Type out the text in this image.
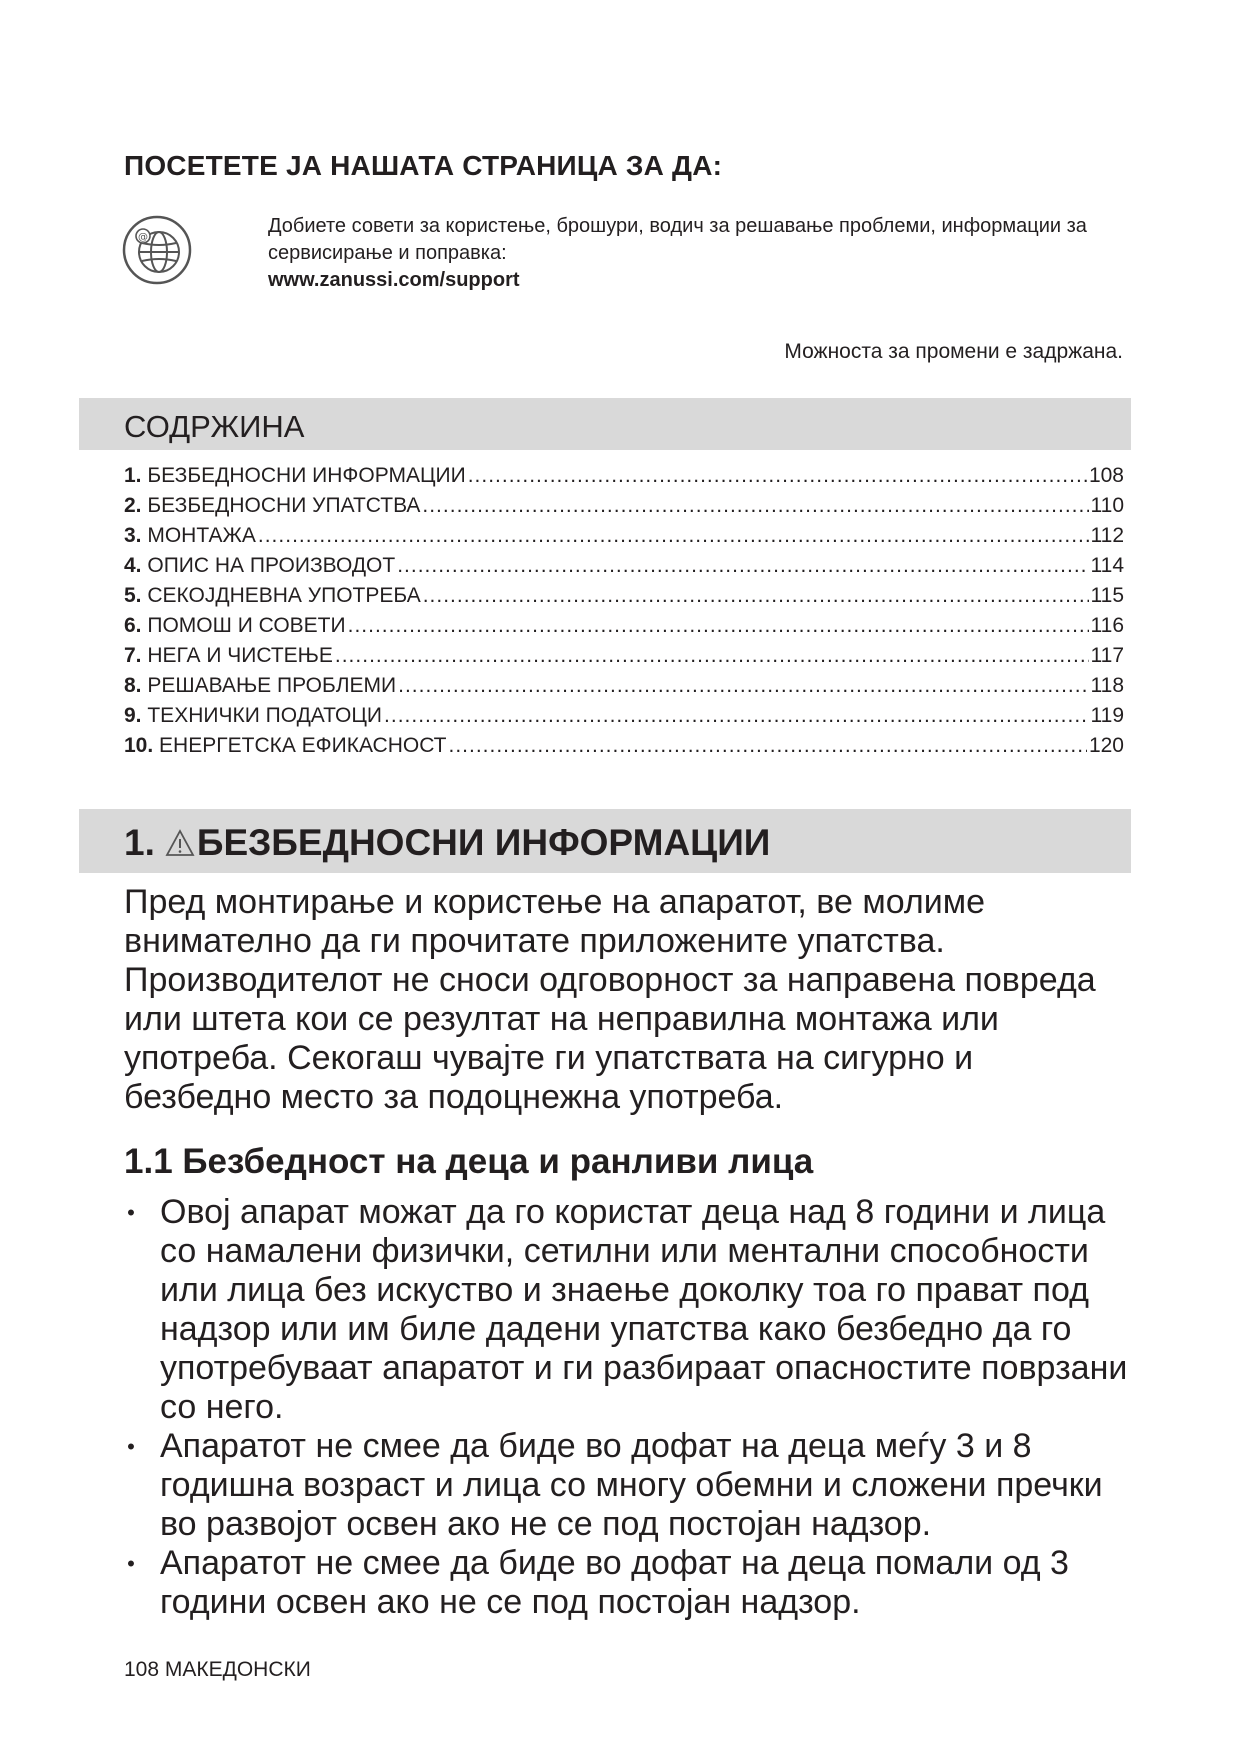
ПОСЕТЕТЕ ЈА НАШАТА СТРАНИЦА ЗА ДА:
@
Добиете совети за користење, брошури, водич за решавање проблеми, информации за сервисирање и поправка:
www.zanussi.com/support
Можноста за промени е задржана.
СОДРЖИНА
1.
БЕЗБЕДНОСНИ ИНФОРМАЦИИ .....	108
2.
БЕЗБЕДНОСНИ УПАТСТВА .....	110
3.
МОНТАЖА .....	112
4.
ОПИС НА ПРОИЗВОДОТ .....	114
5.
СЕКОЈДНЕВНА УПОТРЕБА .....	115
6.
ПОМОШ И СОВЕТИ .....	116
7.
НЕГА И ЧИСТЕЊЕ .....	117
8.
РЕШАВАЊЕ ПРОБЛЕМИ .....	118
9.
ТЕХНИЧКИ ПОДАТОЦИ .....	119
10.
ЕНЕРГЕТСКА ЕФИКАСНОСТ .....	120
1. БЕЗБЕДНОСНИ ИНФОРМАЦИИ

Пред монтирање и користење на апаратот, ве молиме внимателно да ги прочитате приложените упатства. Производителот не сноси одговорност за направена повреда или штета кои се резултат на неправилна монтажа или употреба. Секогаш чувајте ги упатствата на сигурно и безбедно место за подоцнежна употреба.

1.1 Безбедност на деца и ранливи лица
• Овој апарат можат да го користат деца над 8 години и лица со намалени физички, сетилни или ментални способности или лица без искуство и знаење доколку тоа го прават под надзор или им биле дадени упатства како безбедно да го употребуваат апаратот и ги разбираат опасностите поврзани со него.
• Апаратот не смее да биде во дофат на деца меѓу 3 и 8 годишна возраст и лица со многу обемни и сложени пречки во развојот освен ако не се под постојан надзор.
• Апаратот не смее да биде во дофат на деца помали од 3 години освен ако не се под постојан надзор.
108 МАКЕДОНСКИ
